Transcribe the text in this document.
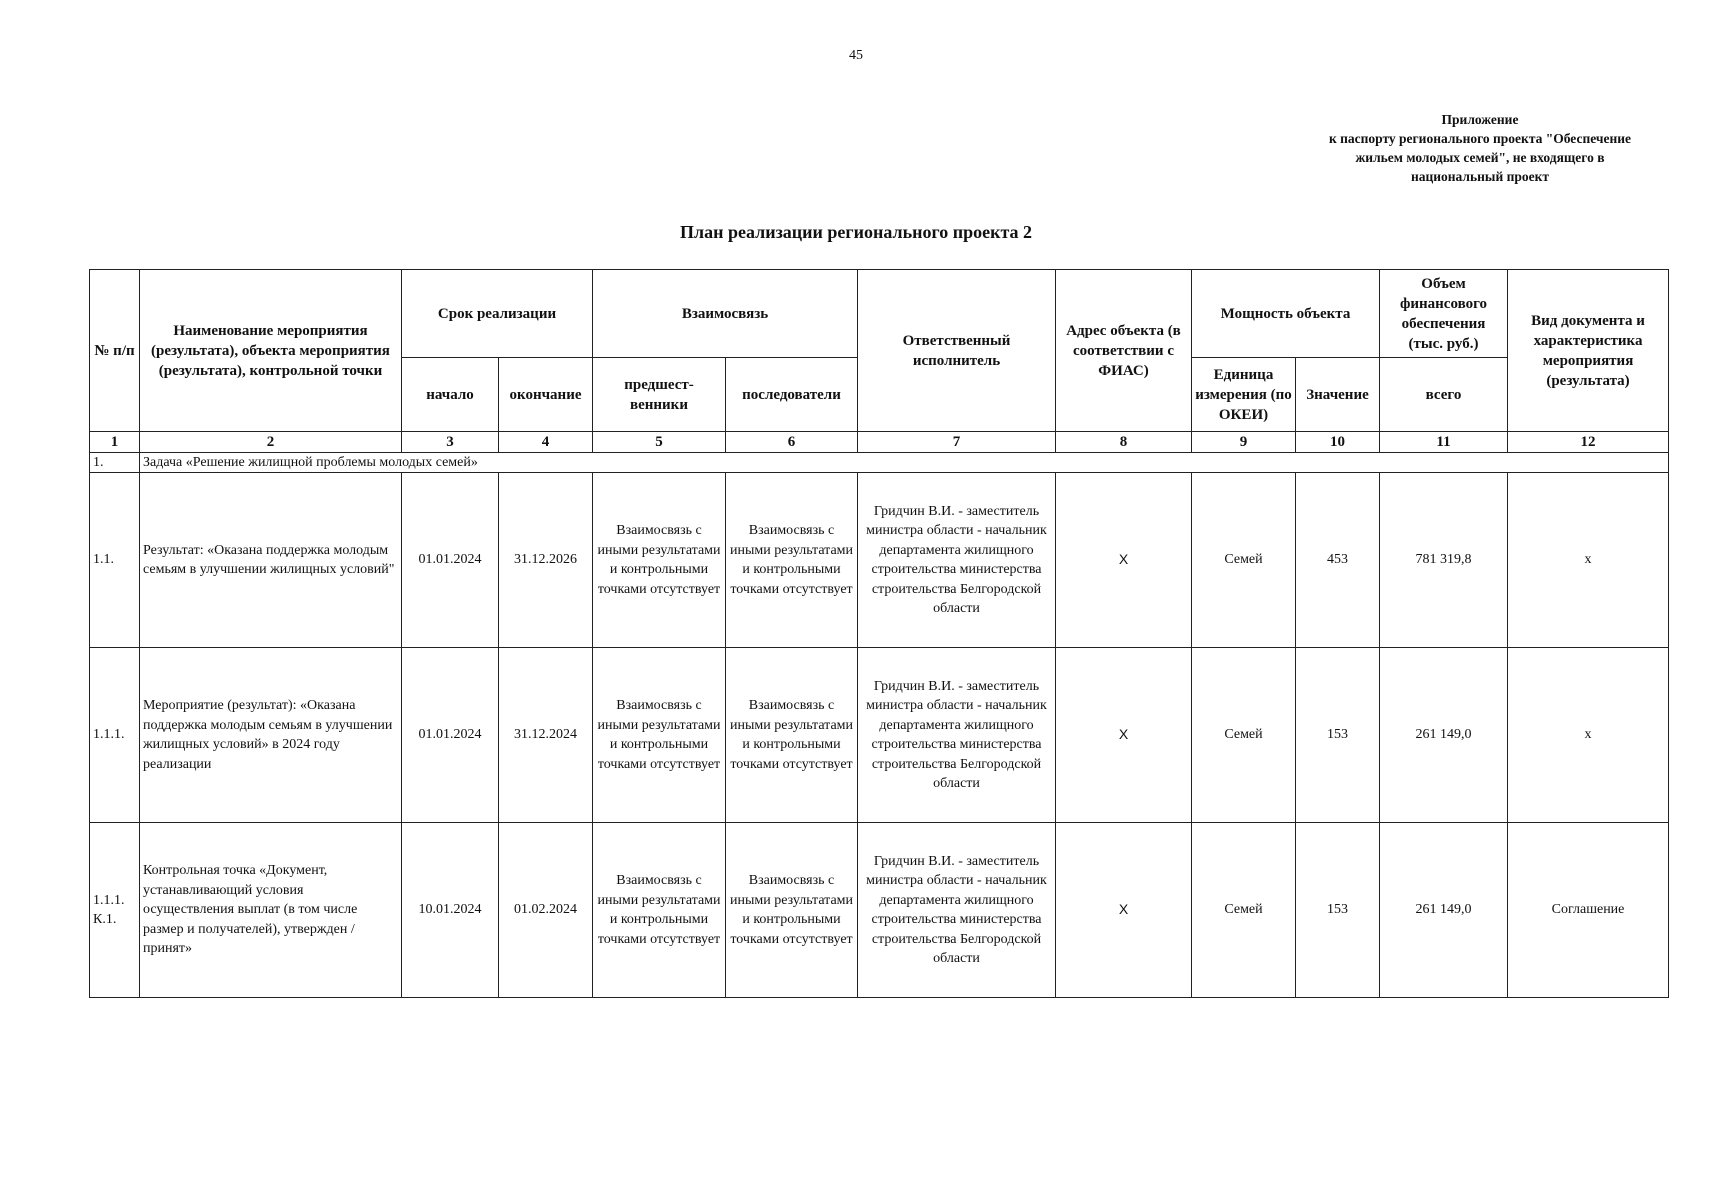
45
Приложение
к паспорту регионального проекта "Обеспечение
жильем молодых семей", не входящего в
национальный проект
План реализации регионального проекта 2
№ п/п	Наименование мероприятия (результата), объекта мероприятия (результата), контрольной точки	Срок реализации		Взаимосвязь		Ответственный исполнитель	Адрес объекта (в соответствии с ФИАС)	Мощность объекта		Объем финансового обеспечения (тыс. руб.)	Вид документа и характеристика мероприятия (результата)
		начало	окончание	предшест-венники	последователи			Единица измерения (по ОКЕИ)	Значение	всего	
1	2	3	4	5	6	7	8	9	10	11	12
1.	Задача «Решение жилищной проблемы молодых семей»										
1.1.	Результат: «Оказана поддержка молодым семьям в улучшении жилищных условий"	01.01.2024	31.12.2026	Взаимосвязь с иными результатами и контрольными точками отсутствует	Взаимосвязь с иными результатами и контрольными точками отсутствует	Гридчин В.И. - заместитель министра области - начальник департамента жилищного строительства министерства строительства Белгородской области	X	Семей	453	781 319,8	x
1.1.1.	Мероприятие (результат): «Оказана поддержка молодым семьям в улучшении жилищных условий» в 2024 году реализации	01.01.2024	31.12.2024	Взаимосвязь с иными результатами и контрольными точками отсутствует	Взаимосвязь с иными результатами и контрольными точками отсутствует	Гридчин В.И. - заместитель министра области - начальник департамента жилищного строительства министерства строительства Белгородской области	X	Семей	153	261 149,0	x
1.1.1. К.1.	Контрольная точка «Документ, устанавливающий условия осуществления выплат (в том числе размер и получателей), утвержден / принят»	10.01.2024	01.02.2024	Взаимосвязь с иными результатами и контрольными точками отсутствует	Взаимосвязь с иными результатами и контрольными точками отсутствует	Гридчин В.И. - заместитель министра области - начальник департамента жилищного строительства министерства строительства Белгородской области	X	Семей	153	261 149,0	Соглашение
